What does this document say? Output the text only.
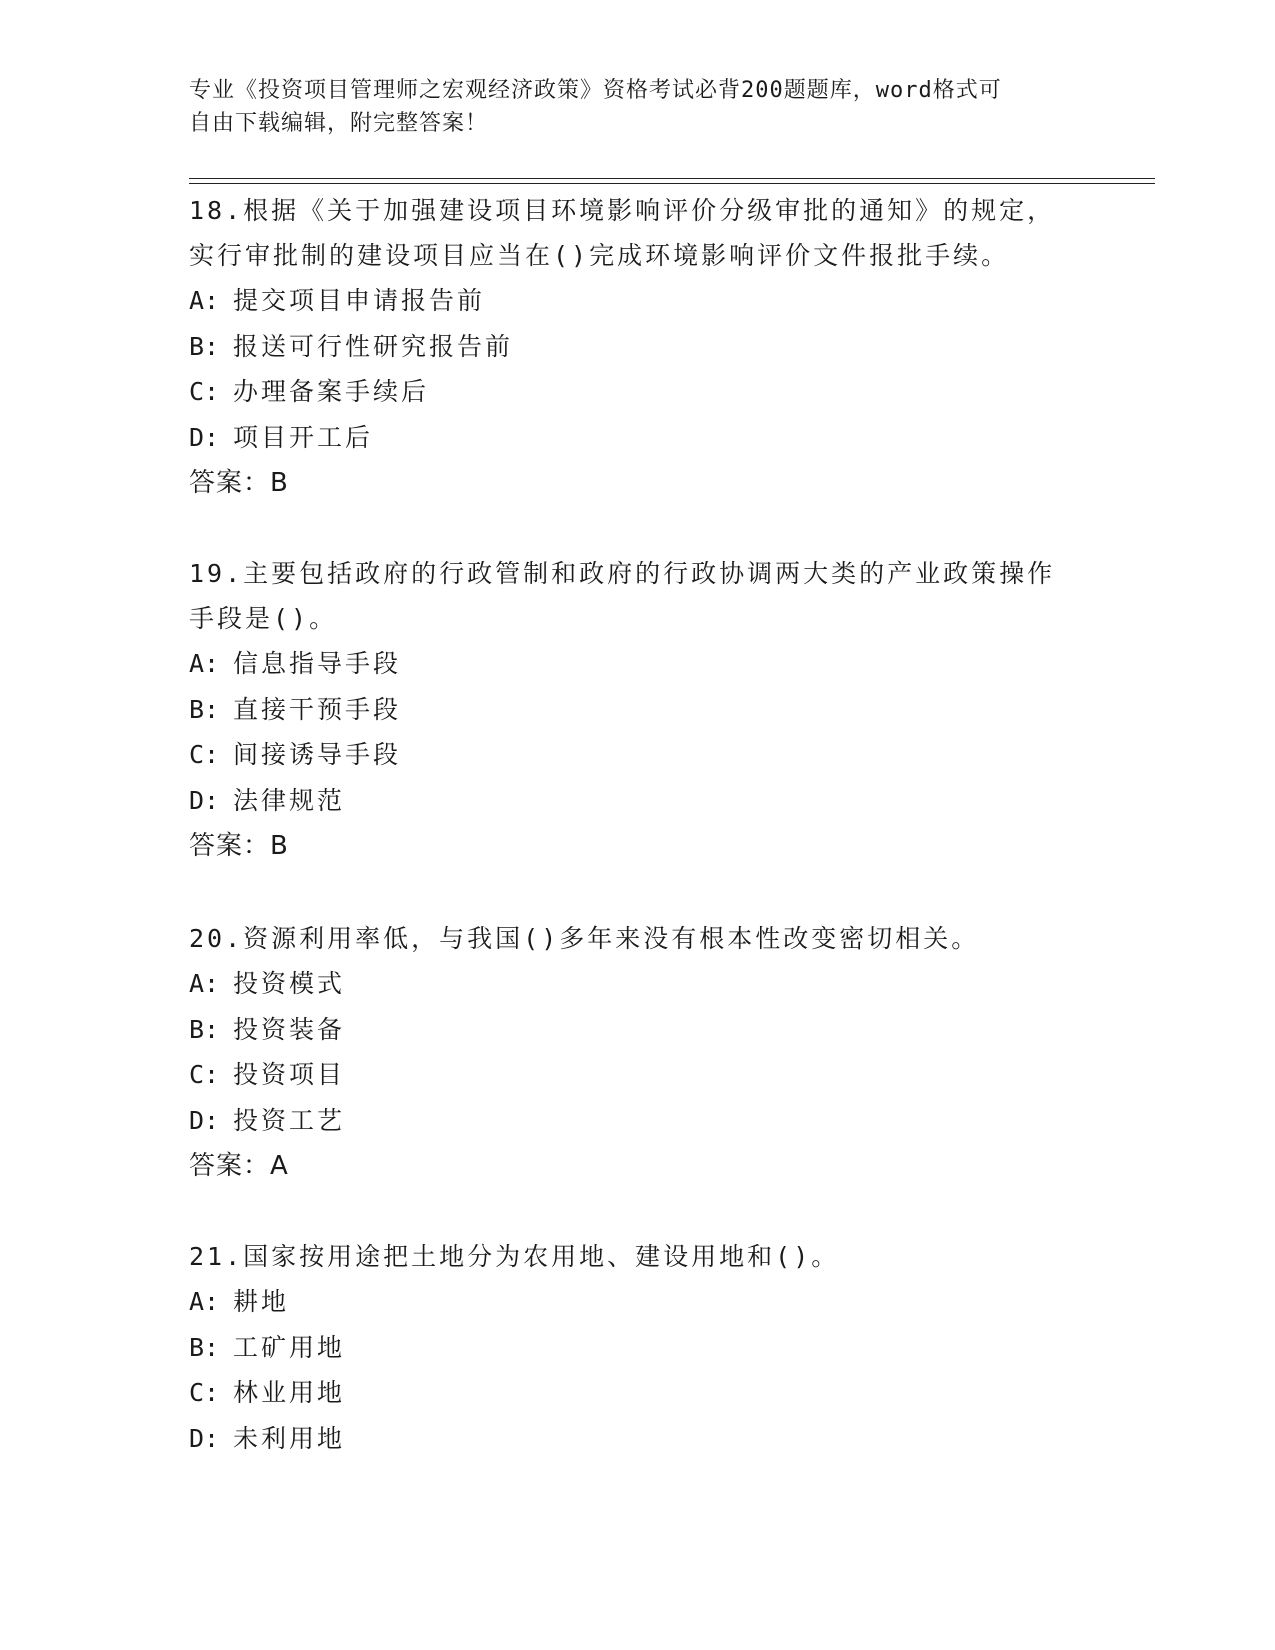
专业《投资项目管理师之宏观经济政策》资格考试必背200题题库，word格式可
自由下载编辑，附完整答案！

18.根据《关于加强建设项目环境影响评价分级审批的通知》的规定，

实行审批制的建设项目应当在()完成环境影响评价文件报批手续。

A: 提交项目申请报告前

B: 报送可行性研究报告前

C: 办理备案手续后

D: 项目开工后

答案：B

19.主要包括政府的行政管制和政府的行政协调两大类的产业政策操作

手段是()。

A: 信息指导手段

B: 直接干预手段

C: 间接诱导手段

D: 法律规范

答案：B

20.资源利用率低，与我国()多年来没有根本性改变密切相关。

A: 投资模式

B: 投资装备

C: 投资项目

D: 投资工艺

答案：A

21.国家按用途把土地分为农用地、建设用地和()。

A: 耕地

B: 工矿用地

C: 林业用地

D: 未利用地
